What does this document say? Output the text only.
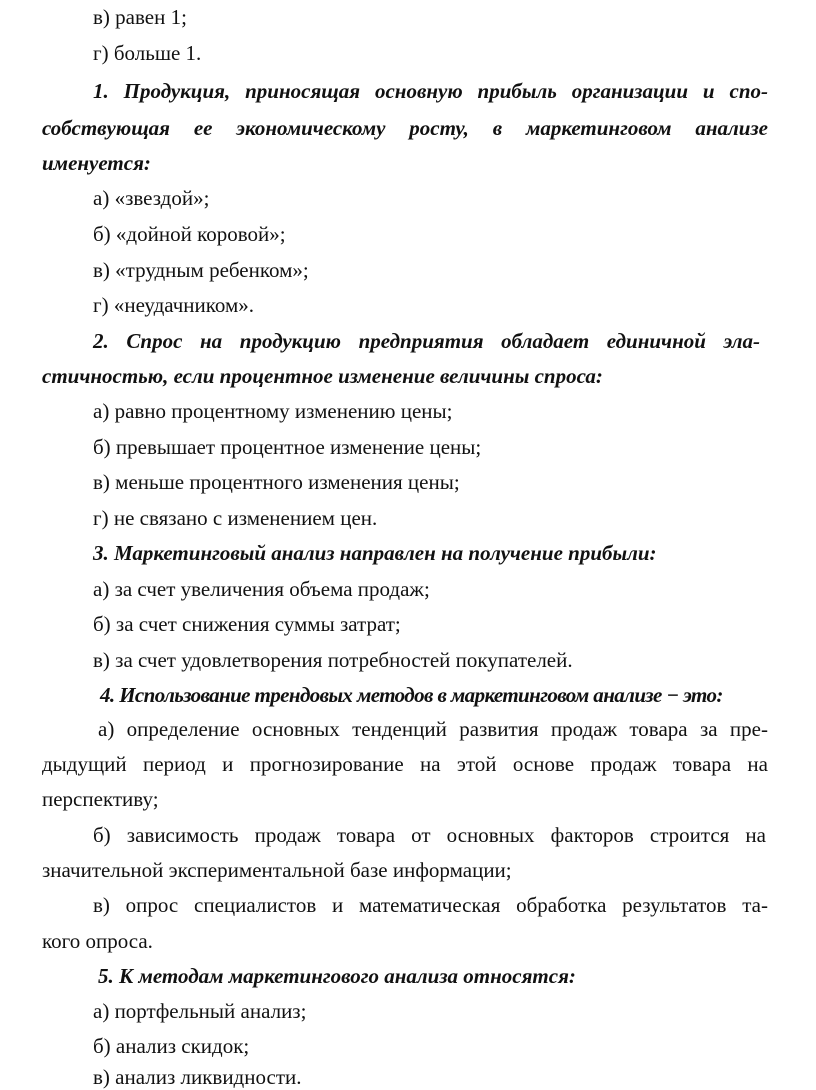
в) равен 1;
г) больше 1.
1. Продукция, приносящая основную прибыль организации и спо-
собствующая ее экономическому росту, в маркетинговом анализе
именуется:
а) «звездой»;
б) «дойной коровой»;
в) «трудным ребенком»;
г) «неудачником».
2. Спрос на продукцию предприятия обладает единичной эла-
стичностью, если процентное изменение величины спроса:
а) равно процентному изменению цены;
б) превышает процентное изменение цены;
в) меньше процентного изменения цены;
г) не связано с изменением цен.
3. Маркетинговый анализ направлен на получение прибыли:
а) за счет увеличения объема продаж;
б) за счет снижения суммы затрат;
в) за счет удовлетворения потребностей покупателей.
4. Использование трендовых методов в маркетинговом анализе − это:
а) определение основных тенденций развития продаж товара за пре-
дыдущий период и прогнозирование на этой основе продаж товара на
перспективу;
б) зависимость продаж товара от основных факторов строится на
значительной экспериментальной базе информации;
в) опрос специалистов и математическая обработка результатов та-
кого опроса.
5. К методам маркетингового анализа относятся:
а) портфельный анализ;
б) анализ скидок;
в) анализ ликвидности.
